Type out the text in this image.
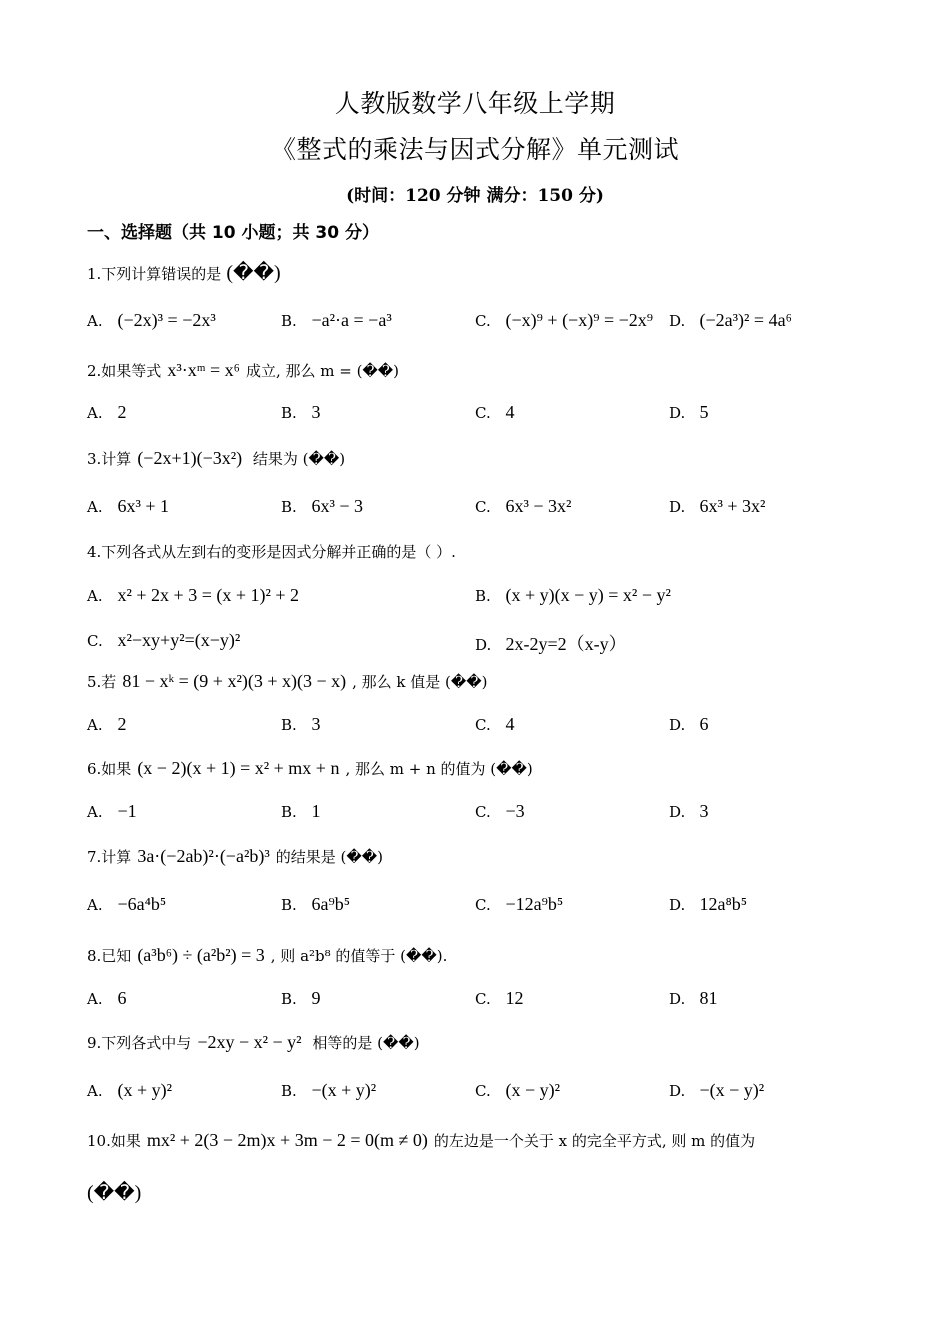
人教版数学八年级上学期
《整式的乘法与因式分解》单元测试
(时间：120 分钟 满分：150 分)
一、选择题（共 10 小题；共 30 分）
1.下列计算错误的是 (��)
A. (−2x)³ = −2x³	B. −a²·a = −a³	C. (−x)⁹ + (−x)⁹ = −2x⁹ D. (−2a³)² = 4a⁶
2.如果等式 x³·xᵐ = x⁶ 成立, 那么 m = (��)
A. 2	B. 3	C. 4	D. 5
3.计算 (−2x+1)(−3x²) 结果为 (��)
A. 6x³ + 1	B. 6x³ − 3	C. 6x³ − 3x²	D. 6x³ + 3x²
4.下列各式从左到右的变形是因式分解并正确的是（ ）.
A. x² + 2x + 3 = (x + 1)² + 2	B. (x + y)(x − y) = x² − y²
C. x²−xy+y²=(x−y)²	D. 2x-2y=2（x-y）
5.若 81 − xᵏ = (9 + x²)(3 + x)(3 − x) , 那么 k 值是 (��)
A. 2	B. 3	C. 4	D. 6
6.如果 (x − 2)(x + 1) = x² + mx + n , 那么 m + n 的值为 (��)
A. −1	B. 1	C. −3	D. 3
7.计算 3a·(−2ab)²·(−a²b)³ 的结果是 (��)
A. −6a⁴b⁵	B. 6a⁹b⁵	C. −12a⁹b⁵	D. 12a⁸b⁵
8.已知 (a³b⁶) ÷ (a²b²) = 3 , 则 a²b⁸ 的值等于 (��).
A. 6	B. 9	C. 12	D. 81
9.下列各式中与 −2xy − x² − y² 相等的是 (��)
A. (x + y)²	B. −(x + y)²	C. (x − y)²	D. −(x − y)²
10.如果 mx² + 2(3 − 2m)x + 3m − 2 = 0(m ≠ 0) 的左边是一个关于 x 的完全平方式, 则 m 的值为
(��)
